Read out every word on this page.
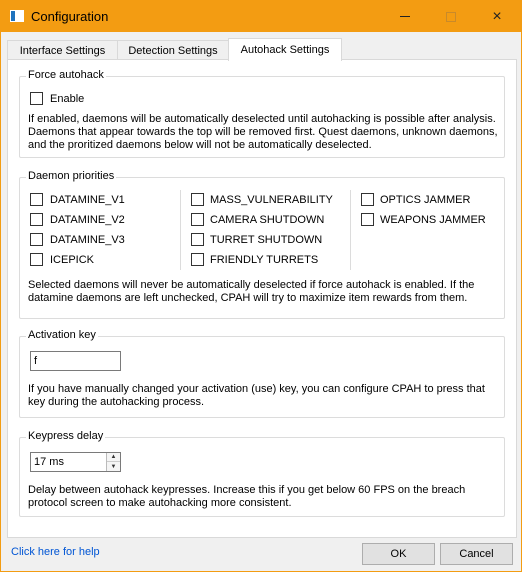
Configuration	×
Interface Settings Detection Settings Autohack Settings
Force autohack
Enable
If enabled, daemons will be automatically deselected until autohacking is possible after analysis. Daemons that appear towards the top will be removed first. Quest daemons, unknown daemons, and the proritized daemons below will not be automatically deselected.
Daemon priorities
DATAMINE_V1
DATAMINE_V2
DATAMINE_V3
ICEPICK
MASS_VULNERABILITY
CAMERA SHUTDOWN
TURRET SHUTDOWN
FRIENDLY TURRETS
OPTICS JAMMER
WEAPONS JAMMER
Selected daemons will never be automatically deselected if force autohack is enabled. If the datamine daemons are left unchecked, CPAH will try to maximize item rewards from them.
Activation key
f
If you have manually changed your activation (use) key, you can configure CPAH to press that key during the autohacking process.
Keypress delay
17 ms	▲
▼
Delay between autohack keypresses. Increase this if you get below 60 FPS on the breach protocol screen to make autohacking more consistent.
Click here for help	OK	Cancel
